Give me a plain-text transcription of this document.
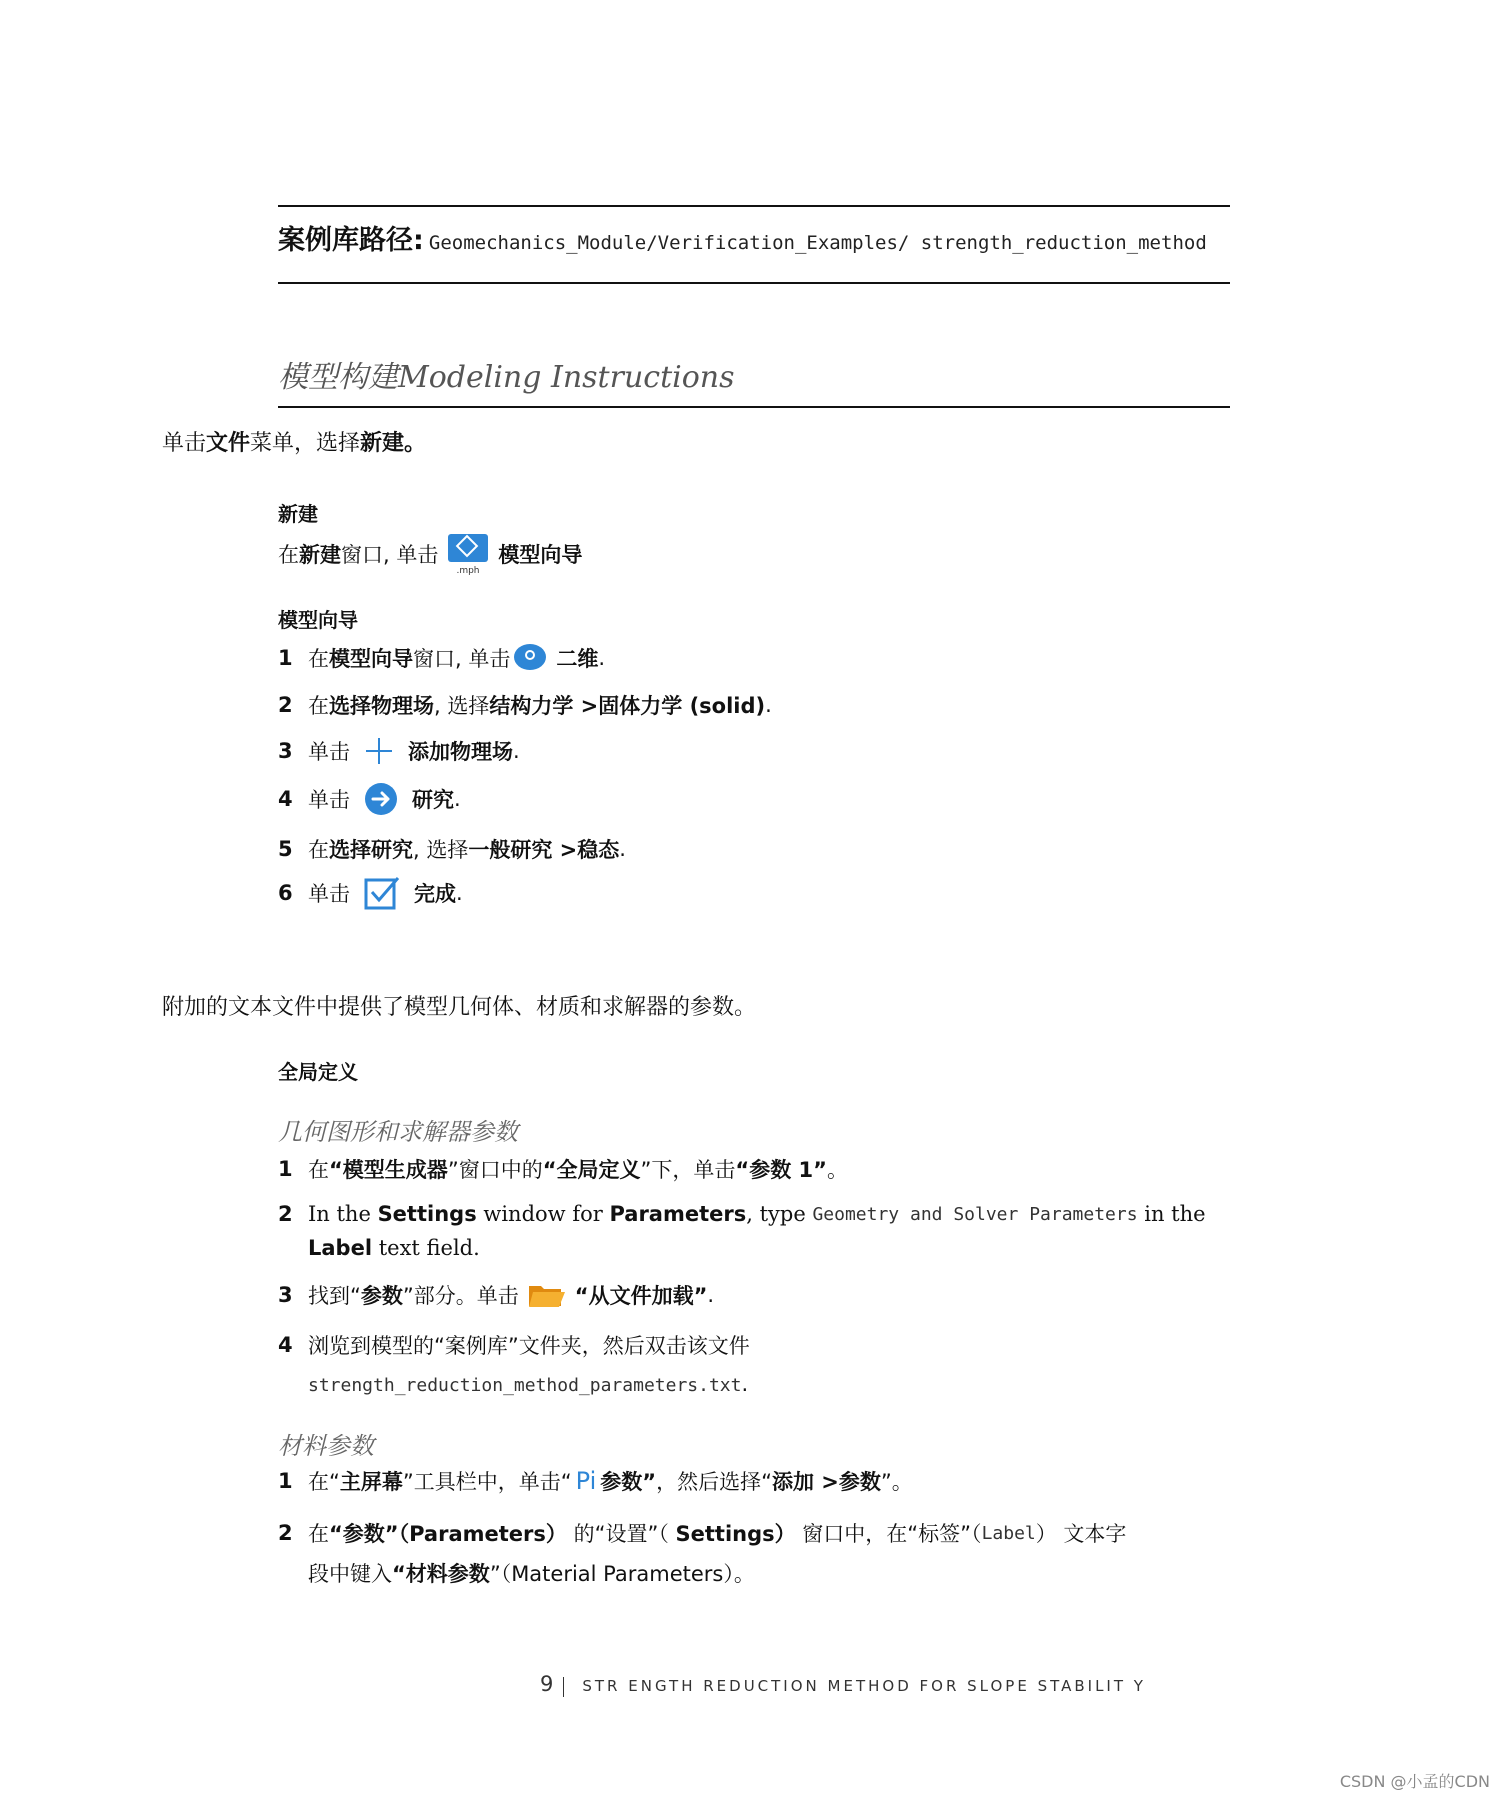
案例库路径: Geomechanics_Module/Verification_Examples/ strength_reduction_method
模型构建Modeling Instructions
单击文件菜单，选择新建。
新建
在 新建 窗口, 单击
.mph
模型向导
模型向导
1 在 模型向导 窗口, 单击 二维 .
2 在 选择物理场 , 选择 结构力学 >固体力学 (solid) .
3 单击	添加物理场 .
4 单击	研究 .
5 在 选择研究 , 选择 一般研究 >稳态 .
6 单击	完成 .
附加的文本文件中提供了模型几何体、材质和求解器的参数。
全局定义
几何图形和求解器参数
1 在 “模型生成器 ”窗口中的 “全局定义 ”下，单击 “参数 1” 。
2 In the Settings window for Parameters , type Geometry and Solver Parameters in the
Label text field.
3 找到“ 参数 ”部分。单击	“从文件加载” .
4 浏览到模型的“案例库”文件夹，然后双击该文件
strength_reduction_method_parameters.txt.
材料参数
1 在“ 主屏幕 ”工具栏中，单击“ Pi 参数” ，然后选择“ 添加 >参数 ”。
2 在 “参数”（Parameters） 的“设置”（ Settings） 窗口中，在“标签”（ Label ） 文本字
段中键入“材料参数”（Material Parameters）。
9 STR ENGTH REDUCTION METHOD FOR SLOPE STABILIT Y
CSDN @小孟的CDN
